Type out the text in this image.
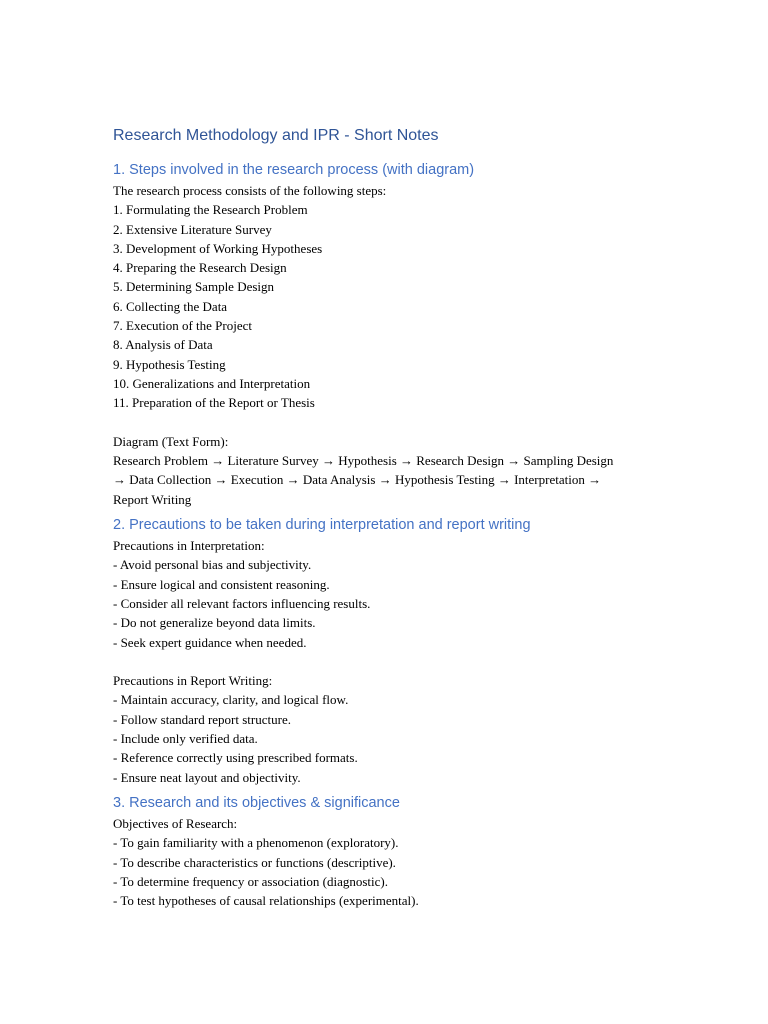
Research Methodology and IPR - Short Notes
1. Steps involved in the research process (with diagram)
The research process consists of the following steps:
1. Formulating the Research Problem
2. Extensive Literature Survey
3. Development of Working Hypotheses
4. Preparing the Research Design
5. Determining Sample Design
6. Collecting the Data
7. Execution of the Project
8. Analysis of Data
9. Hypothesis Testing
10. Generalizations and Interpretation
11. Preparation of the Report or Thesis
Diagram (Text Form):
Research Problem → Literature Survey → Hypothesis → Research Design → Sampling Design
→ Data Collection → Execution → Data Analysis → Hypothesis Testing → Interpretation →
Report Writing
2. Precautions to be taken during interpretation and report writing
Precautions in Interpretation:
- Avoid personal bias and subjectivity.
- Ensure logical and consistent reasoning.
- Consider all relevant factors influencing results.
- Do not generalize beyond data limits.
- Seek expert guidance when needed.
Precautions in Report Writing:
- Maintain accuracy, clarity, and logical flow.
- Follow standard report structure.
- Include only verified data.
- Reference correctly using prescribed formats.
- Ensure neat layout and objectivity.
3. Research and its objectives & significance
Objectives of Research:
- To gain familiarity with a phenomenon (exploratory).
- To describe characteristics or functions (descriptive).
- To determine frequency or association (diagnostic).
- To test hypotheses of causal relationships (experimental).
